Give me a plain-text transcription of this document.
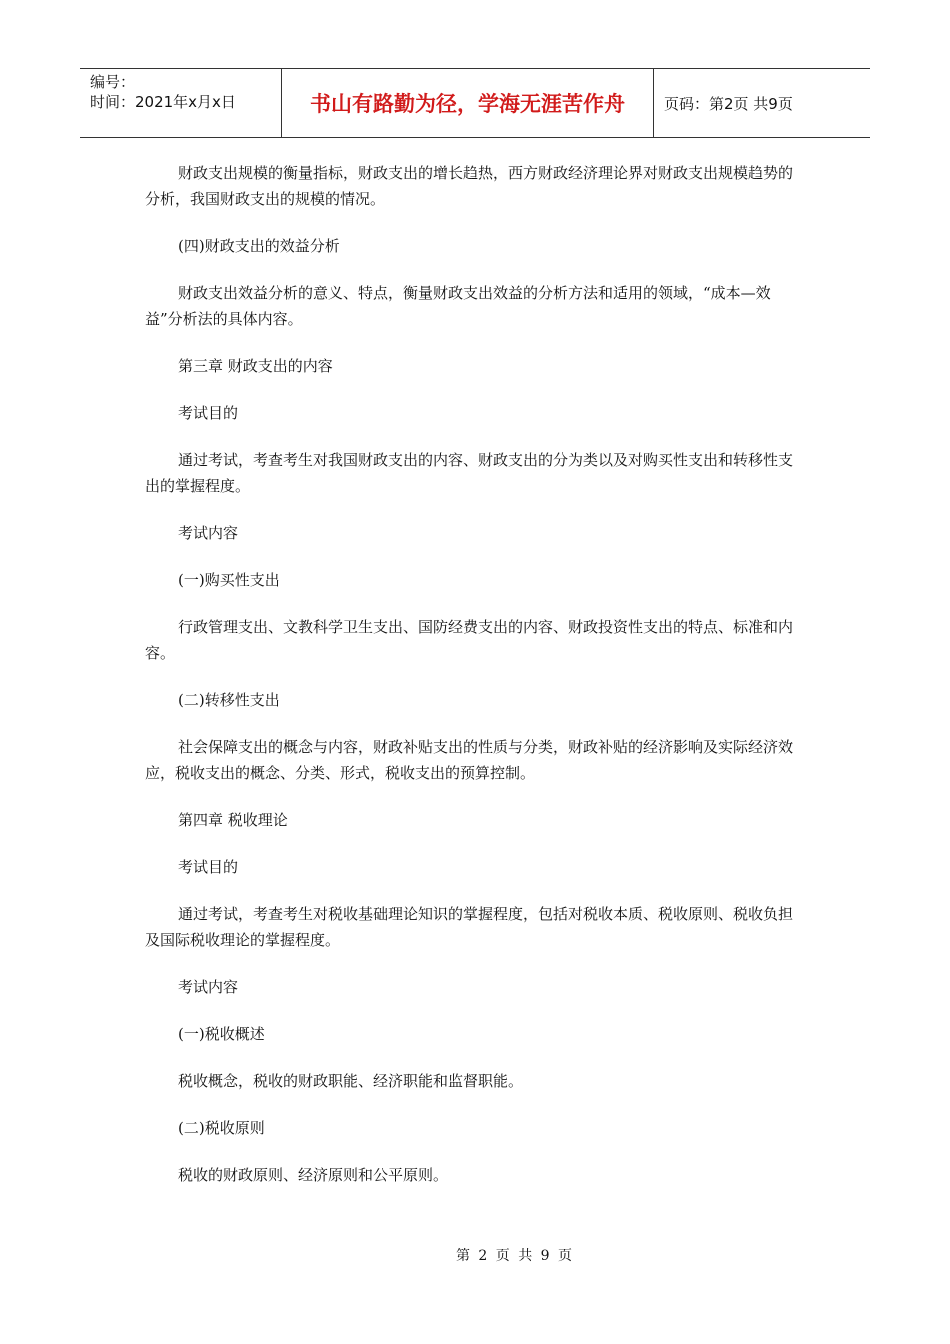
编号：
时间：2021年x月x日	书山有路勤为径，学海无涯苦作舟	页码：第2页 共9页

财政支出规模的衡量指标，财政支出的增长趋热，西方财政经济理论界对财政支出规模趋势的分析，我国财政支出的规模的情况。

(四)财政支出的效益分析

财政支出效益分析的意义、特点，衡量财政支出效益的分析方法和适用的领域，“成本—效益”分析法的具体内容。

第三章 财政支出的内容

考试目的

通过考试，考查考生对我国财政支出的内容、财政支出的分为类以及对购买性支出和转移性支出的掌握程度。

考试内容

(一)购买性支出

行政管理支出、文教科学卫生支出、国防经费支出的内容、财政投资性支出的特点、标准和内容。

(二)转移性支出

社会保障支出的概念与内容，财政补贴支出的性质与分类，财政补贴的经济影响及实际经济效应，税收支出的概念、分类、形式，税收支出的预算控制。

第四章 税收理论

考试目的

通过考试，考查考生对税收基础理论知识的掌握程度，包括对税收本质、税收原则、税收负担及国际税收理论的掌握程度。

考试内容

(一)税收概述

税收概念，税收的财政职能、经济职能和监督职能。

(二)税收原则

税收的财政原则、经济原则和公平原则。

第 2 页 共 9 页
